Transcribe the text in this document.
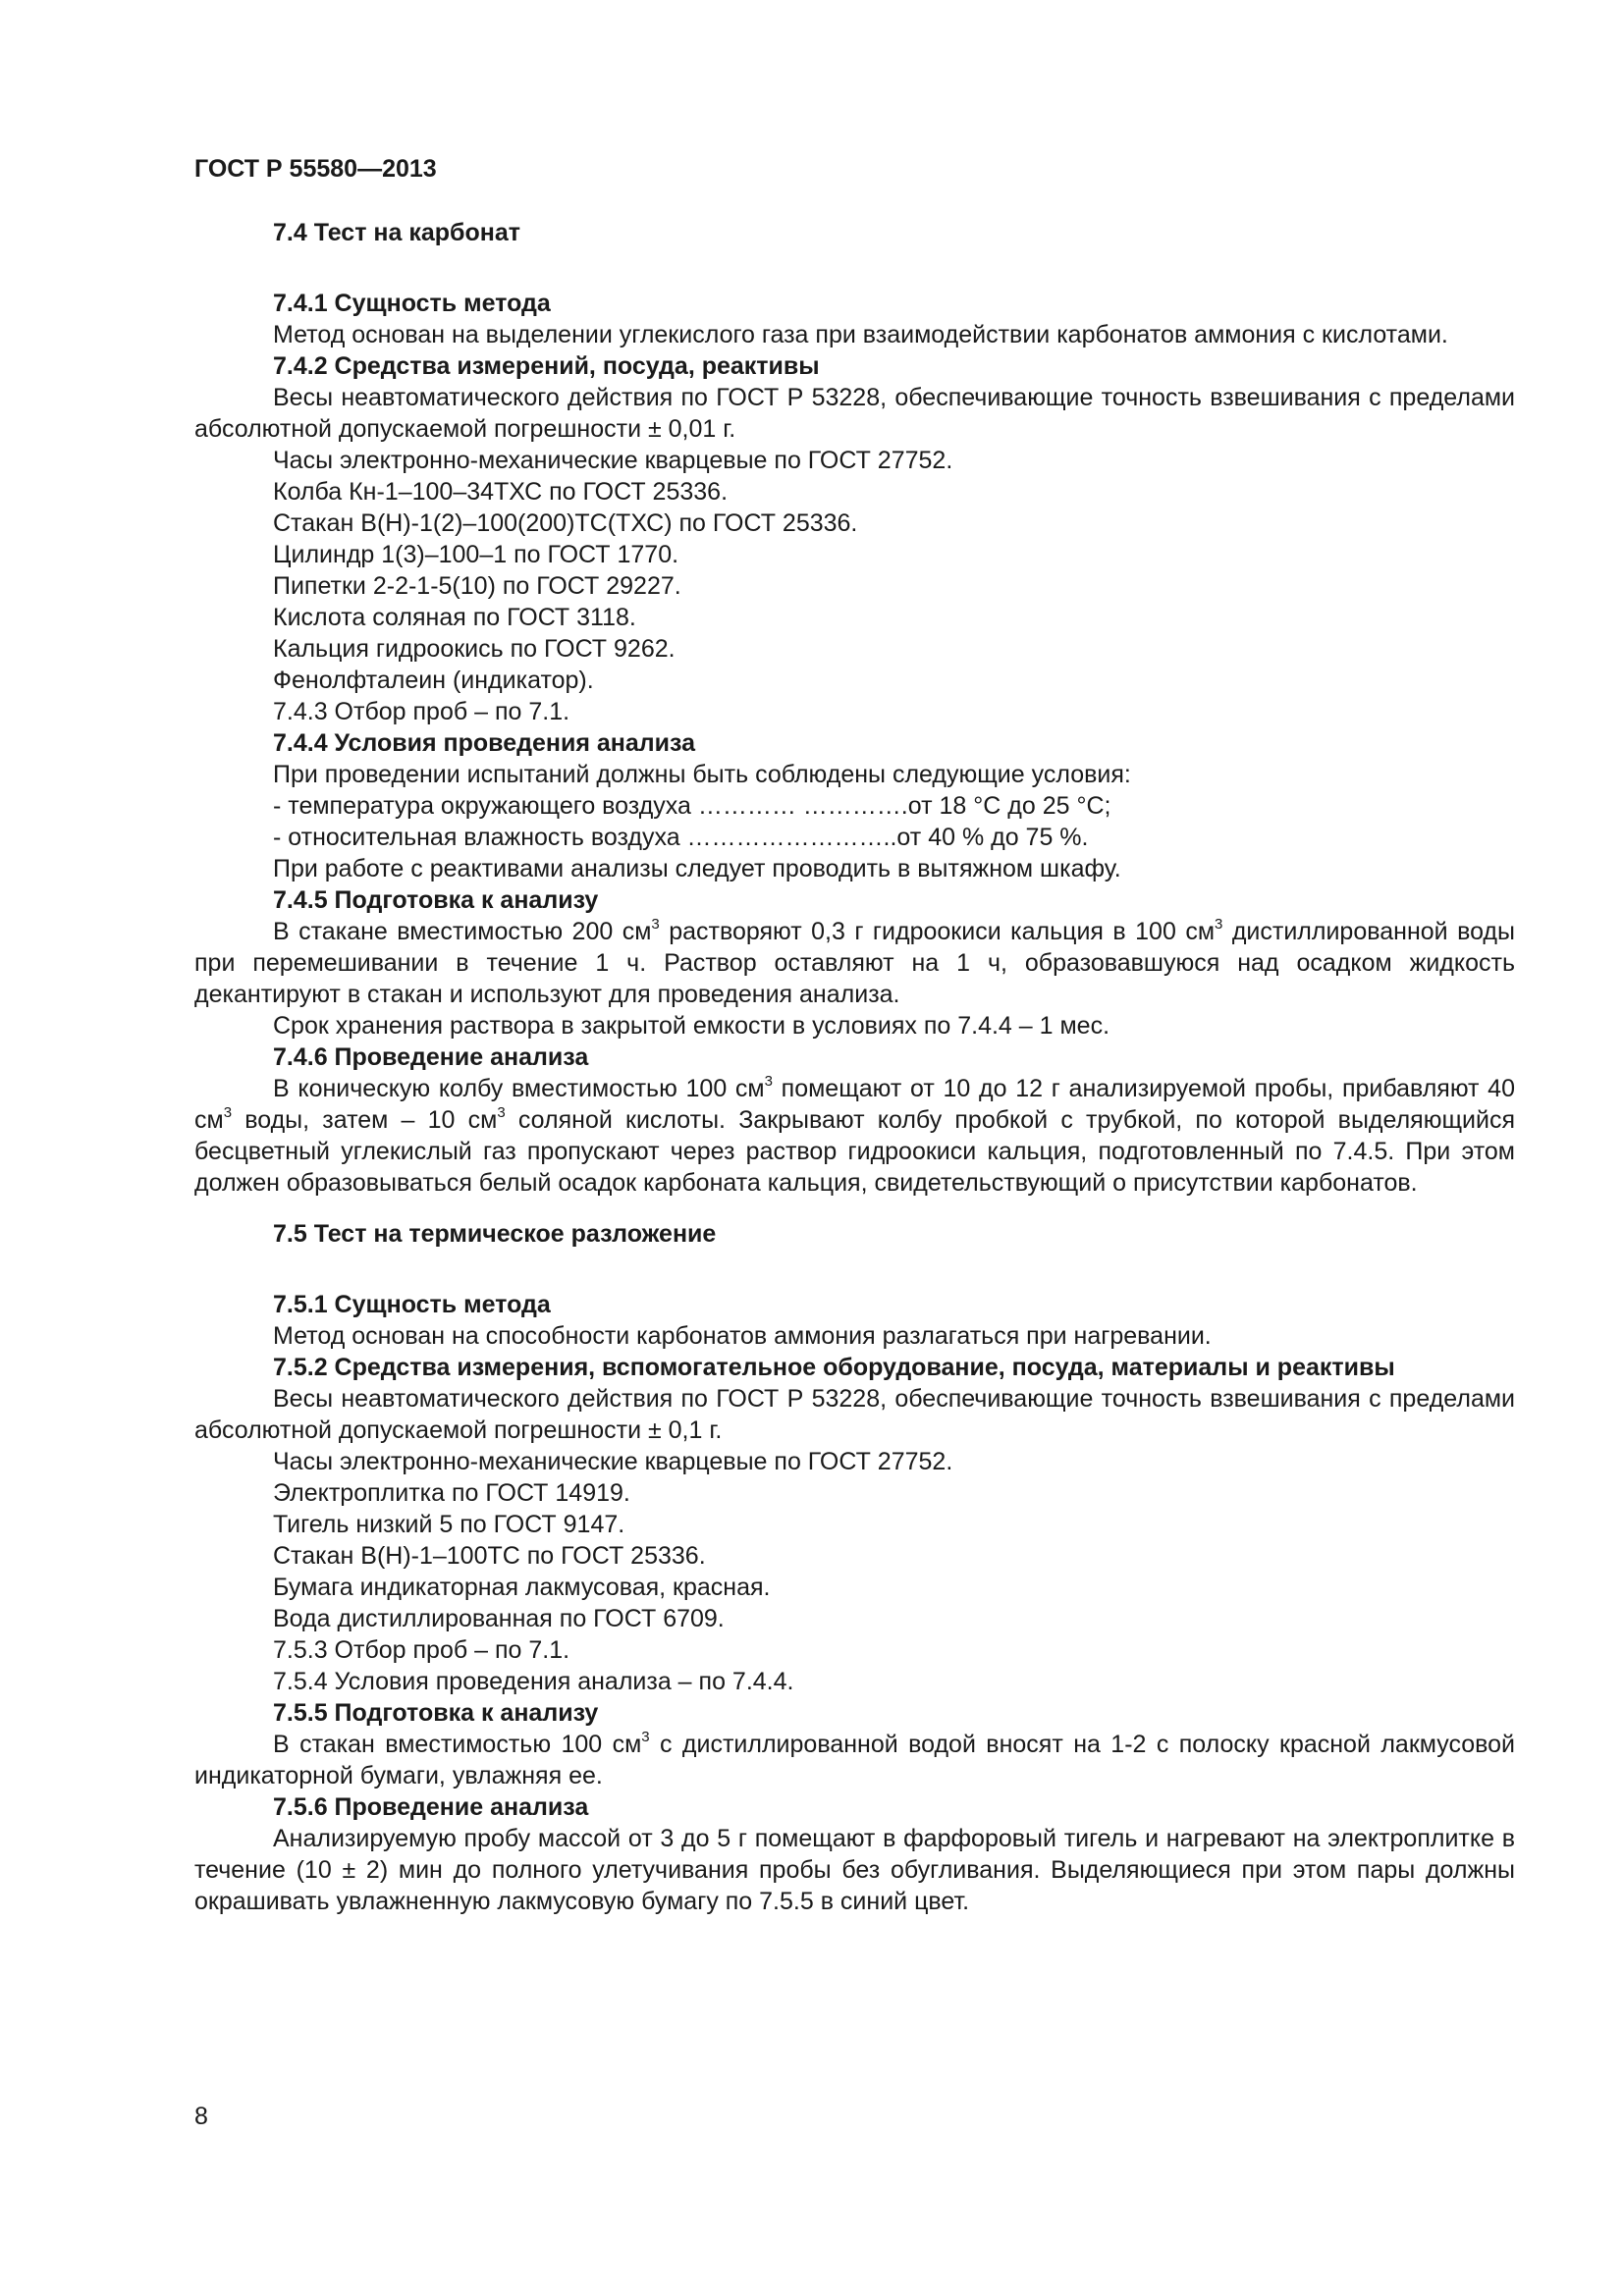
ГОСТ Р 55580—2013

7.4 Тест на карбонат

7.4.1 Сущность метода

Метод основан на выделении углекислого газа при взаимодействии карбонатов аммония с кислотами.

7.4.2 Средства измерений, посуда, реактивы

Весы неавтоматического действия по ГОСТ Р 53228, обеспечивающие точность взвешивания с пределами абсолютной допускаемой погрешности ± 0,01 г.

Часы электронно-механические кварцевые по ГОСТ 27752.

Колба Кн-1–100–34ТХС по ГОСТ 25336.

Стакан В(Н)-1(2)–100(200)ТС(ТХС) по ГОСТ 25336.

Цилиндр 1(3)–100–1 по ГОСТ 1770.

Пипетки 2-2-1-5(10) по ГОСТ 29227.

Кислота соляная по ГОСТ 3118.

Кальция гидроокись по ГОСТ 9262.

Фенолфталеин (индикатор).

7.4.3 Отбор проб – по 7.1.

7.4.4 Условия проведения анализа

При проведении испытаний должны быть соблюдены следующие условия:

- температура окружающего воздуха ………… ………….от 18 °С до 25 °С;

- относительная влажность воздуха ……………………..от 40 % до 75 %.

При работе с реактивами анализы следует проводить в вытяжном шкафу.

7.4.5 Подготовка к анализу

В стакане вместимостью 200 $см^3$ растворяют 0,3 г гидроокиси кальция в 100 $см^3$ дистиллированной воды при перемешивании в течение 1 ч. Раствор оставляют на 1 ч, образовавшуюся над осадком жидкость декантируют в стакан и используют для проведения анализа.

Срок хранения раствора в закрытой емкости в условиях по 7.4.4 – 1 мес.

7.4.6 Проведение анализа

В коническую колбу вместимостью 100 $см^3$ помещают от 10 до 12 г анализируемой пробы, прибавляют 40 $см^3$ воды, затем – 10 $см^3$ соляной кислоты. Закрывают колбу пробкой с трубкой, по которой выделяющийся бесцветный углекислый газ пропускают через раствор гидроокиси кальция, подготовленный по 7.4.5. При этом должен образовываться белый осадок карбоната кальция, свидетельствующий о присутствии карбонатов.

7.5 Тест на термическое разложение

7.5.1 Сущность метода

Метод основан на способности карбонатов аммония разлагаться при нагревании.

7.5.2 Средства измерения, вспомогательное оборудование, посуда, материалы и реактивы

Весы неавтоматического действия по ГОСТ Р 53228, обеспечивающие точность взвешивания с пределами абсолютной допускаемой погрешности ± 0,1 г.

Часы электронно-механические кварцевые по ГОСТ 27752.

Электроплитка по ГОСТ 14919.

Тигель низкий 5 по ГОСТ 9147.

Стакан В(Н)-1–100ТС по ГОСТ 25336.

Бумага индикаторная лакмусовая, красная.

Вода дистиллированная по ГОСТ 6709.

7.5.3 Отбор проб – по 7.1.

7.5.4 Условия проведения анализа – по 7.4.4.

7.5.5 Подготовка к анализу

В стакан вместимостью 100 $см^3$ с дистиллированной водой вносят на 1-2 с полоску красной лакмусовой индикаторной бумаги, увлажняя ее.

7.5.6 Проведение анализа

Анализируемую пробу массой от 3 до 5 г помещают в фарфоровый тигель и нагревают на электроплитке в течение (10 ± 2) мин до полного улетучивания пробы без обугливания. Выделяющиеся при этом пары должны окрашивать увлажненную лакмусовую бумагу по 7.5.5 в синий цвет.

8
